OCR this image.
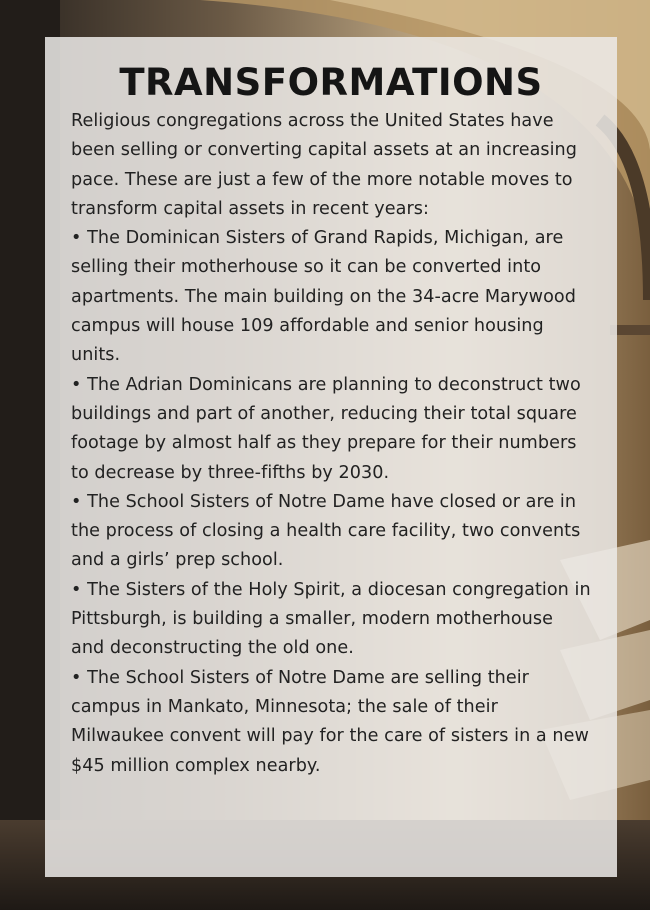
TRANSFORMATIONS

Religious congregations across the United States have been selling or converting capital assets at an increasing pace. These are just a few of the more notable moves to transform capital assets in recent years:

• The Dominican Sisters of Grand Rapids, Michigan, are selling their motherhouse so it can be converted into apartments. The main building on the 34-acre Marywood campus will house 109 affordable and senior housing units.

• The Adrian Dominicans are planning to deconstruct two buildings and part of another, reducing their total square footage by almost half as they prepare for their numbers to decrease by three-fifths by 2030.

• The School Sisters of Notre Dame have closed or are in the process of closing a health care facility, two convents and a girls’ prep school.

• The Sisters of the Holy Spirit, a diocesan congregation in Pittsburgh, is building a smaller, modern motherhouse and deconstructing the old one.

• The School Sisters of Notre Dame are selling their campus in Mankato, Minnesota; the sale of their Milwaukee convent will pay for the care of sisters in a new $45 million complex nearby.
